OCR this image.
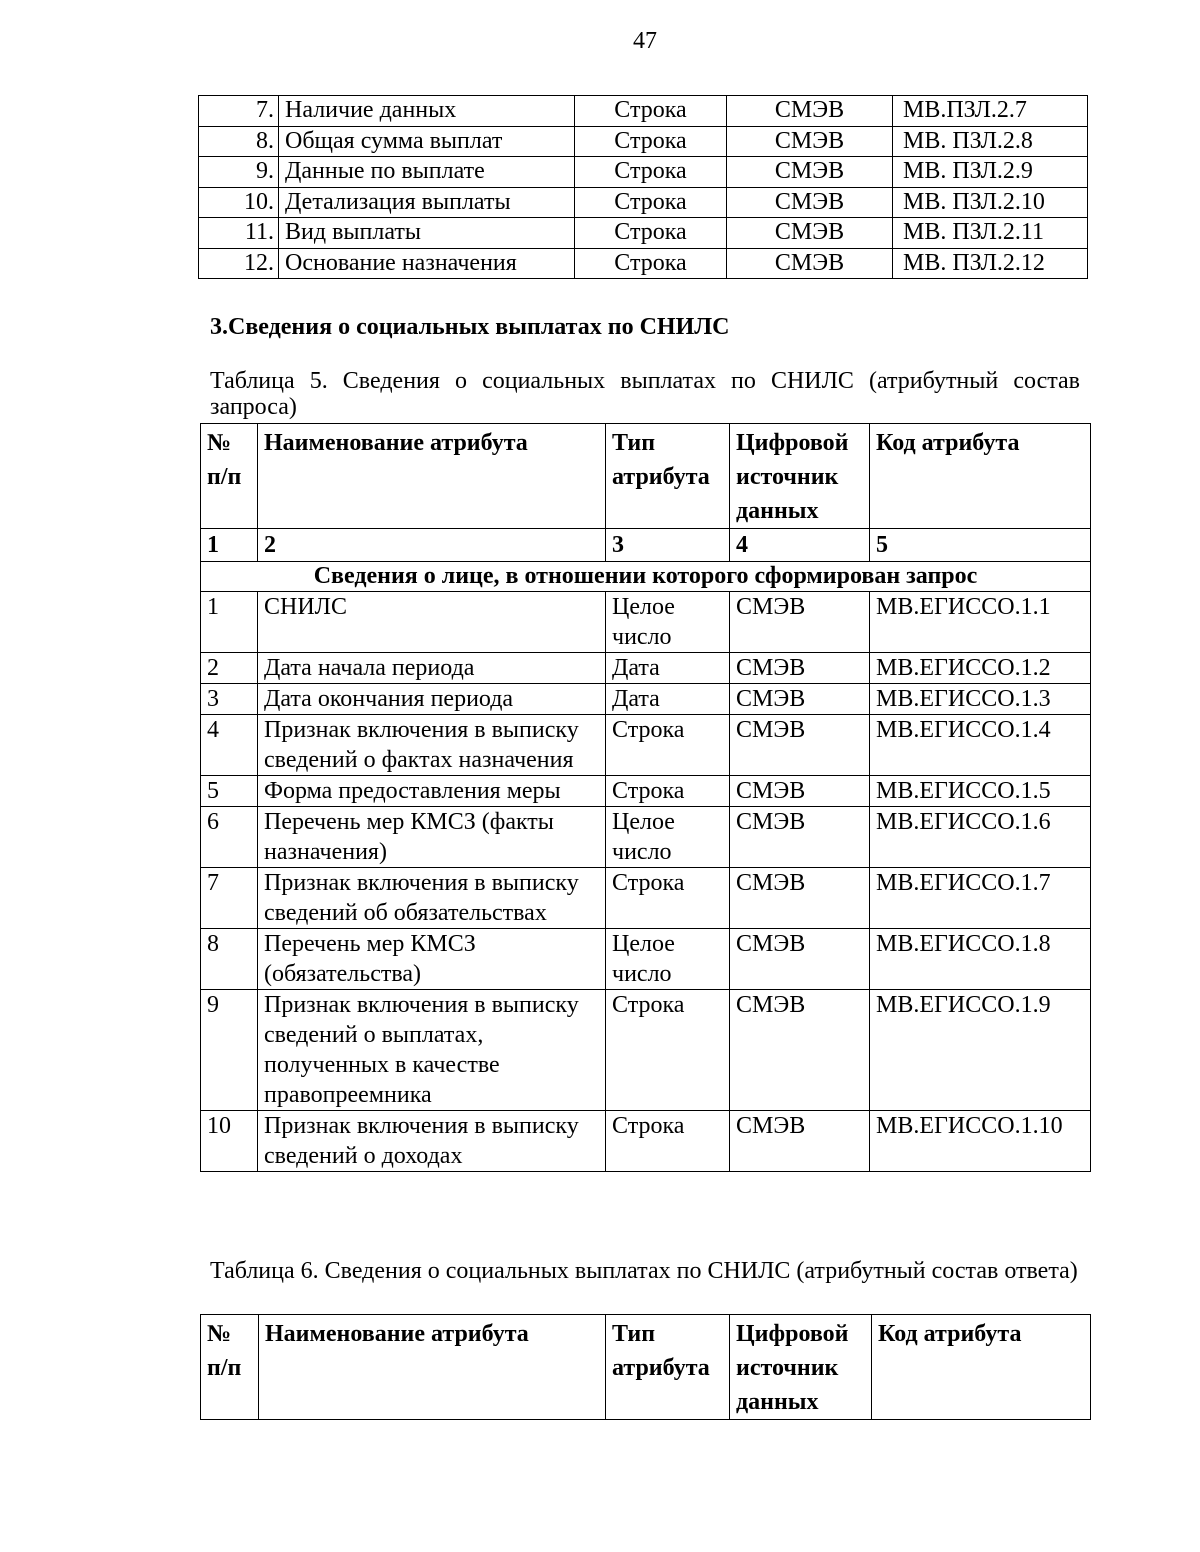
47
7.	Наличие данных	Строка	СМЭВ	МВ.ПЗЛ.2.7
8.	Общая сумма выплат	Строка	СМЭВ	МВ. ПЗЛ.2.8
9.	Данные по выплате	Строка	СМЭВ	МВ. ПЗЛ.2.9
10.	Детализация выплаты	Строка	СМЭВ	МВ. ПЗЛ.2.10
11.	Вид выплаты	Строка	СМЭВ	МВ. ПЗЛ.2.11
12.	Основание назначения	Строка	СМЭВ	МВ. ПЗЛ.2.12
3.Сведения о социальных выплатах по СНИЛС
Таблица 5. Сведения о социальных выплатах по СНИЛС (атрибутный состав запроса)
№ п/п	Наименование атрибута	Тип атрибута	Цифровой источник данных	Код атрибута
1	2	3	4	5
Сведения о лице, в отношении которого сформирован запрос				
1	СНИЛС	Целое число	СМЭВ	МВ.ЕГИССО.1.1
2	Дата начала периода	Дата	СМЭВ	МВ.ЕГИССО.1.2
3	Дата окончания периода	Дата	СМЭВ	МВ.ЕГИССО.1.3
4	Признак включения в выписку сведений о фактах назначения	Строка	СМЭВ	МВ.ЕГИССО.1.4
5	Форма предоставления меры	Строка	СМЭВ	МВ.ЕГИССО.1.5
6	Перечень мер КМСЗ (факты назначения)	Целое число	СМЭВ	МВ.ЕГИССО.1.6
7	Признак включения в выписку сведений об обязательствах	Строка	СМЭВ	МВ.ЕГИССО.1.7
8	Перечень мер КМСЗ (обязательства)	Целое число	СМЭВ	МВ.ЕГИССО.1.8
9	Признак включения в выписку сведений о выплатах, полученных в качестве правопреемника	Строка	СМЭВ	МВ.ЕГИССО.1.9
10	Признак включения в выписку сведений о доходах	Строка	СМЭВ	МВ.ЕГИССО.1.10
Таблица 6. Сведения о социальных выплатах по СНИЛС (атрибутный состав ответа)
№ п/п	Наименование атрибута	Тип атрибута	Цифровой источник данных	Код атрибута
